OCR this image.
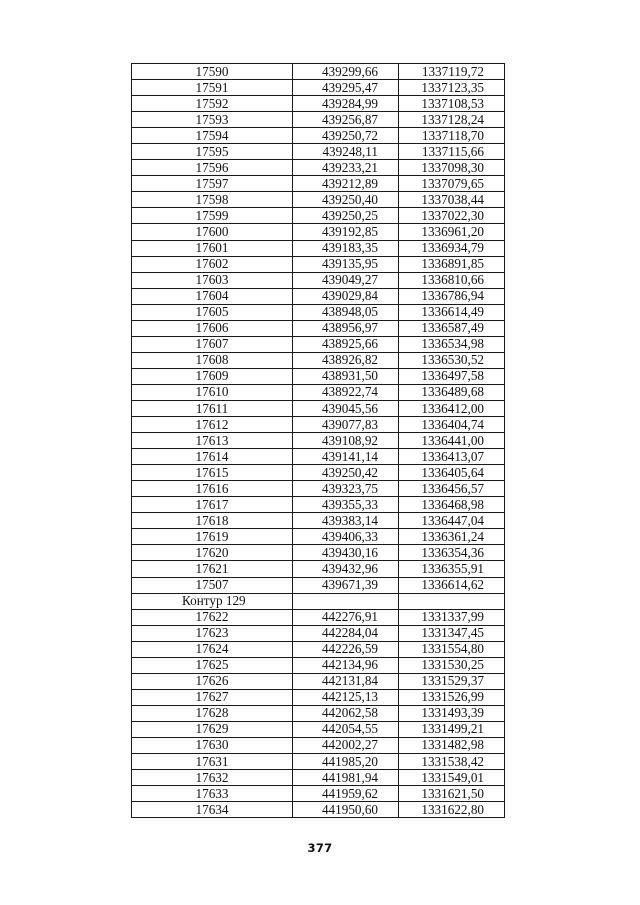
17590	439299,66	1337119,72
17591	439295,47	1337123,35
17592	439284,99	1337108,53
17593	439256,87	1337128,24
17594	439250,72	1337118,70
17595	439248,11	1337115,66
17596	439233,21	1337098,30
17597	439212,89	1337079,65
17598	439250,40	1337038,44
17599	439250,25	1337022,30
17600	439192,85	1336961,20
17601	439183,35	1336934,79
17602	439135,95	1336891,85
17603	439049,27	1336810,66
17604	439029,84	1336786,94
17605	438948,05	1336614,49
17606	438956,97	1336587,49
17607	438925,66	1336534,98
17608	438926,82	1336530,52
17609	438931,50	1336497,58
17610	438922,74	1336489,68
17611	439045,56	1336412,00
17612	439077,83	1336404,74
17613	439108,92	1336441,00
17614	439141,14	1336413,07
17615	439250,42	1336405,64
17616	439323,75	1336456,57
17617	439355,33	1336468,98
17618	439383,14	1336447,04
17619	439406,33	1336361,24
17620	439430,16	1336354,36
17621	439432,96	1336355,91
17507	439671,39	1336614,62
Контур 129		
17622	442276,91	1331337,99
17623	442284,04	1331347,45
17624	442226,59	1331554,80
17625	442134,96	1331530,25
17626	442131,84	1331529,37
17627	442125,13	1331526,99
17628	442062,58	1331493,39
17629	442054,55	1331499,21
17630	442002,27	1331482,98
17631	441985,20	1331538,42
17632	441981,94	1331549,01
17633	441959,62	1331621,50
17634	441950,60	1331622,80
377
